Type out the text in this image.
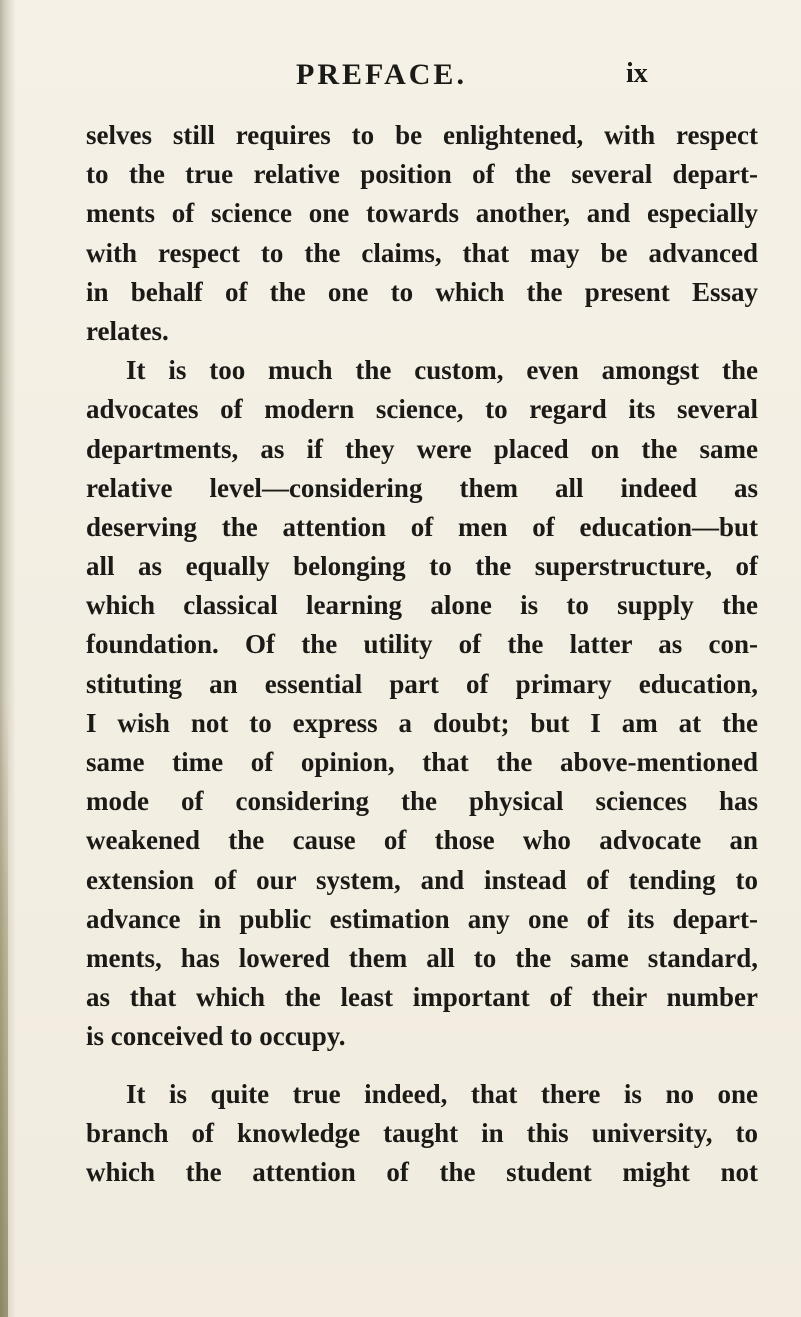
PREFACE.	ix
selves still requires to be enlightened, with respect
to the true relative position of the several depart-
ments of science one towards another, and especially
with respect to the claims, that may be advanced
in behalf of the one to which the present Essay
relates.
It is too much the custom, even amongst the
advocates of modern science, to regard its several
departments, as if they were placed on the same
relative level—considering them all indeed as
deserving the attention of men of education—but
all as equally belonging to the superstructure, of
which classical learning alone is to supply the
foundation. Of the utility of the latter as con-
stituting an essential part of primary education,
I wish not to express a doubt; but I am at the
same time of opinion, that the above-mentioned
mode of considering the physical sciences has
weakened the cause of those who advocate an
extension of our system, and instead of tending to
advance in public estimation any one of its depart-
ments, has lowered them all to the same standard,
as that which the least important of their number
is conceived to occupy.
It is quite true indeed, that there is no one
branch of knowledge taught in this university, to
which the attention of the student might not
